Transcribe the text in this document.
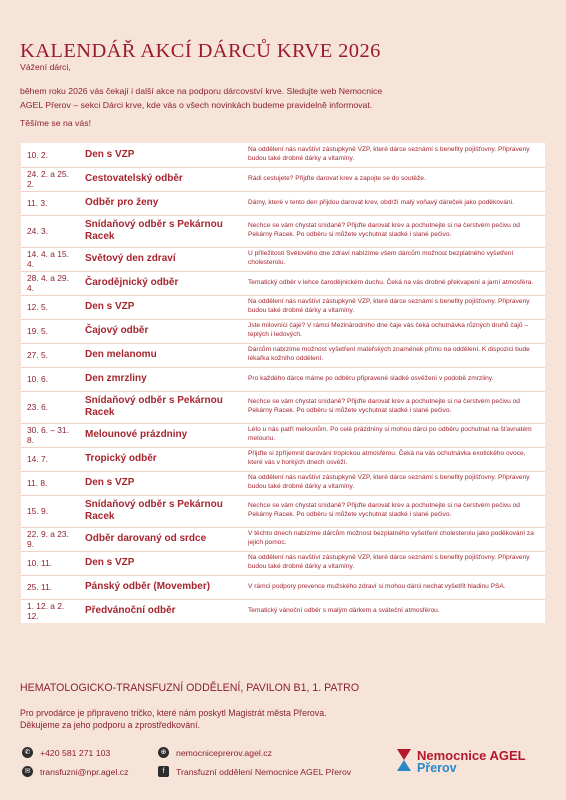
KALENDÁŘ AKCÍ DÁRCŮ KRVE 2026

Vážení dárci,

během roku 2026 vás čekají i další akce na podporu dárcovství krve. Sledujte web Nemocnice

AGEL Přerov – sekci Dárci krve, kde vás o všech novinkách budeme pravidelně informovat.

Těšíme se na vás!

10. 2.	Den s VZP	Na oddělení nás navštíví zástupkyně VZP, které dárce seznámí s benefity pojišťovny. Připraveny budou také drobné dárky a vitamíny.
24. 2. a 25. 2.	Cestovatelský odběr	Rádi cestujete? Přijďte darovat krev a zapojte se do soutěže.
11. 3.	Odběr pro ženy	Dámy, které v tento den přijdou darovat krev, obdrží malý voňavý dáreček jako poděkování.
24. 3.	Snídaňový odběr s Pekárnou Racek	Nechce se vám chystat snídaně? Přijďte darovat krev a pochutnejte si na čerstvém pečivu od Pekárny Racek. Po odběru si můžete vychutnat sladké i slané pečivo.
14. 4. a 15. 4.	Světový den zdraví	U příležitosti Světového dne zdraví nabízíme všem dárcům možnost bezplatného vyšetření cholesterolu.
28. 4. a 29. 4.	Čarodějnický odběr	Tematický odběr v lehce čarodějnickém duchu. Čeká na vás drobné překvapení a jarní atmosféra.
12. 5.	Den s VZP	Na oddělení nás navštíví zástupkyně VZP, které dárce seznámí s benefity pojišťovny. Připraveny budou také drobné dárky a vitamíny.
19. 5.	Čajový odběr	Jste milovníci čaje? V rámci Mezinárodního dne čaje vás čeká ochutnávka různých druhů čajů – teplých i ledových.
27. 5.	Den melanomu	Dárcům nabízíme možnost vyšetření mateřských znamének přímo na oddělení. K dispozici bude lékařka kožního oddělení.
10. 6.	Den zmrzliny	Pro každého dárce máme po odběru připravené sladké osvěžení v podobě zmrzliny.
23. 6.	Snídaňový odběr s Pekárnou Racek	Nechce se vám chystat snídaně? Přijďte darovat krev a pochutnejte si na čerstvém pečivu od Pekárny Racek. Po odběru si můžete vychutnat sladké i slané pečivo.
30. 6. – 31. 8.	Melounové prázdniny	Léto u nás patří melounům. Po celé prázdniny si mohou dárci po odběru pochutnat na šťavnatém melounu.
14. 7.	Tropický odběr	Přijďte si zpříjemnit darování tropickou atmosférou. Čeká na vás ochutnávka exotického ovoce, které vás v horkých dnech osvěží.
11. 8.	Den s VZP	Na oddělení nás navštíví zástupkyně VZP, které dárce seznámí s benefity pojišťovny. Připraveny budou také drobné dárky a vitamíny.
15. 9.	Snídaňový odběr s Pekárnou Racek	Nechce se vám chystat snídaně? Přijďte darovat krev a pochutnejte si na čerstvém pečivu od Pekárny Racek. Po odběru si můžete vychutnat sladké i slané pečivo.
22. 9. a 23. 9.	Odběr darovaný od srdce	V těchto dnech nabízíme dárcům možnost bezplatného vyšetření cholesterolu jako poděkování za jejich pomoc.
10. 11.	Den s VZP	Na oddělení nás navštíví zástupkyně VZP, které dárce seznámí s benefity pojišťovny. Připraveny budou také drobné dárky a vitamíny.
25. 11.	Pánský odběr (Movember)	V rámci podpory prevence mužského zdraví si mohou dárci nechat vyšetřit hladinu PSA.
1. 12. a 2. 12.	Předvánoční odběr	Tematický vánoční odběr s malým dárkem a sváteční atmosférou.
HEMATOLOGICKO-TRANSFUZNÍ ODDĚLENÍ, PAVILON B1, 1. PATRO

Pro prvodárce je připraveno tričko, které nám poskytl Magistrát města Přerova.

Děkujeme za jeho podporu a zprostředkování.

✆ +420 581 271 103
✉ transfuzni@npr.agel.cz
⊕ nemocniceprerov.agel.cz
f	Transfuzní oddělení Nemocnice AGEL Přerov
Nemocnice AGEL
Přerov
